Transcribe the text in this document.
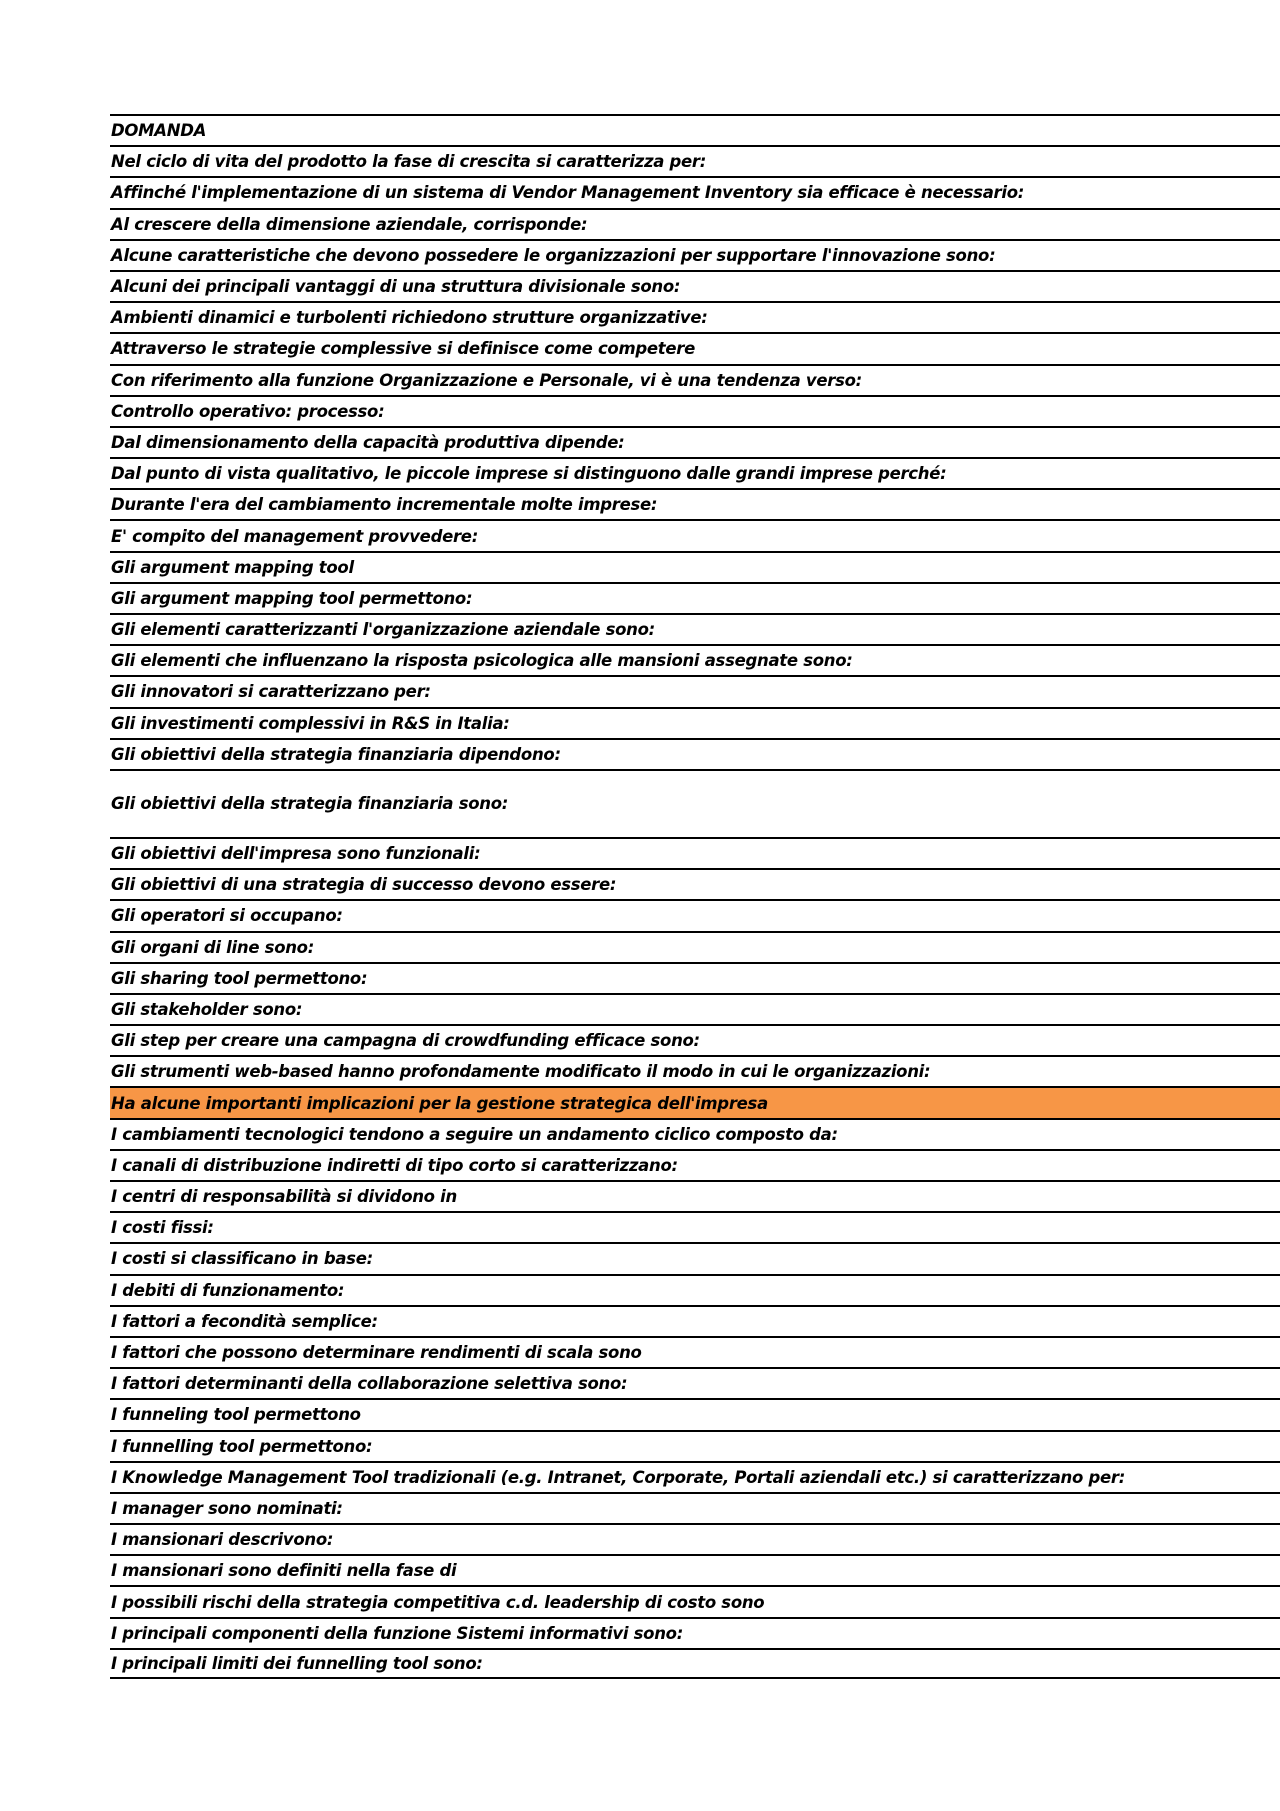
DOMANDA
Nel ciclo di vita del prodotto la fase di crescita si caratterizza per:
Affinché l'implementazione di un sistema di Vendor Management Inventory sia efficace è necessario:
Al crescere della dimensione aziendale, corrisponde:
Alcune caratteristiche che devono possedere le organizzazioni per supportare l'innovazione sono:
Alcuni dei principali vantaggi di una struttura divisionale sono:
Ambienti dinamici e turbolenti richiedono strutture organizzative:
Attraverso le strategie complessive si definisce come competere
Con riferimento alla funzione Organizzazione e Personale, vi è una tendenza verso:
Controllo operativo: processo:
Dal dimensionamento della capacità produttiva dipende:
Dal punto di vista qualitativo, le piccole imprese si distinguono dalle grandi imprese perché:
Durante l'era del cambiamento incrementale molte imprese:
E' compito del management provvedere:
Gli argument mapping tool
Gli argument mapping tool permettono:
Gli elementi caratterizzanti l'organizzazione aziendale sono:
Gli elementi che influenzano la risposta psicologica alle mansioni assegnate sono:
Gli innovatori si caratterizzano per:
Gli investimenti complessivi in R&S in Italia:
Gli obiettivi della strategia finanziaria dipendono:
Gli obiettivi della strategia finanziaria sono:
Gli obiettivi dell'impresa sono funzionali:
Gli obiettivi di una strategia di successo devono essere:
Gli operatori si occupano:
Gli organi di line sono:
Gli sharing tool permettono:
Gli stakeholder sono:
Gli step per creare una campagna di crowdfunding efficace sono:
Gli strumenti web-based hanno profondamente modificato il modo in cui le organizzazioni:
Ha alcune importanti implicazioni per la gestione strategica dell'impresa
I cambiamenti tecnologici tendono a seguire un andamento ciclico composto da:
I canali di distribuzione indiretti di tipo corto si caratterizzano:
I centri di responsabilità si dividono in
I costi fissi:
I costi si classificano in base:
I debiti di funzionamento:
I fattori a fecondità semplice:
I fattori che possono determinare rendimenti di scala sono
I fattori determinanti della collaborazione selettiva sono:
I funneling tool permettono
I funnelling tool permettono:
I Knowledge Management Tool tradizionali (e.g. Intranet, Corporate, Portali aziendali etc.) si caratterizzano per:
I manager sono nominati:
I mansionari descrivono:
I mansionari sono definiti nella fase di
I possibili rischi della strategia competitiva c.d. leadership di costo sono
I principali componenti della funzione Sistemi informativi sono:
I principali limiti dei funnelling tool sono:
